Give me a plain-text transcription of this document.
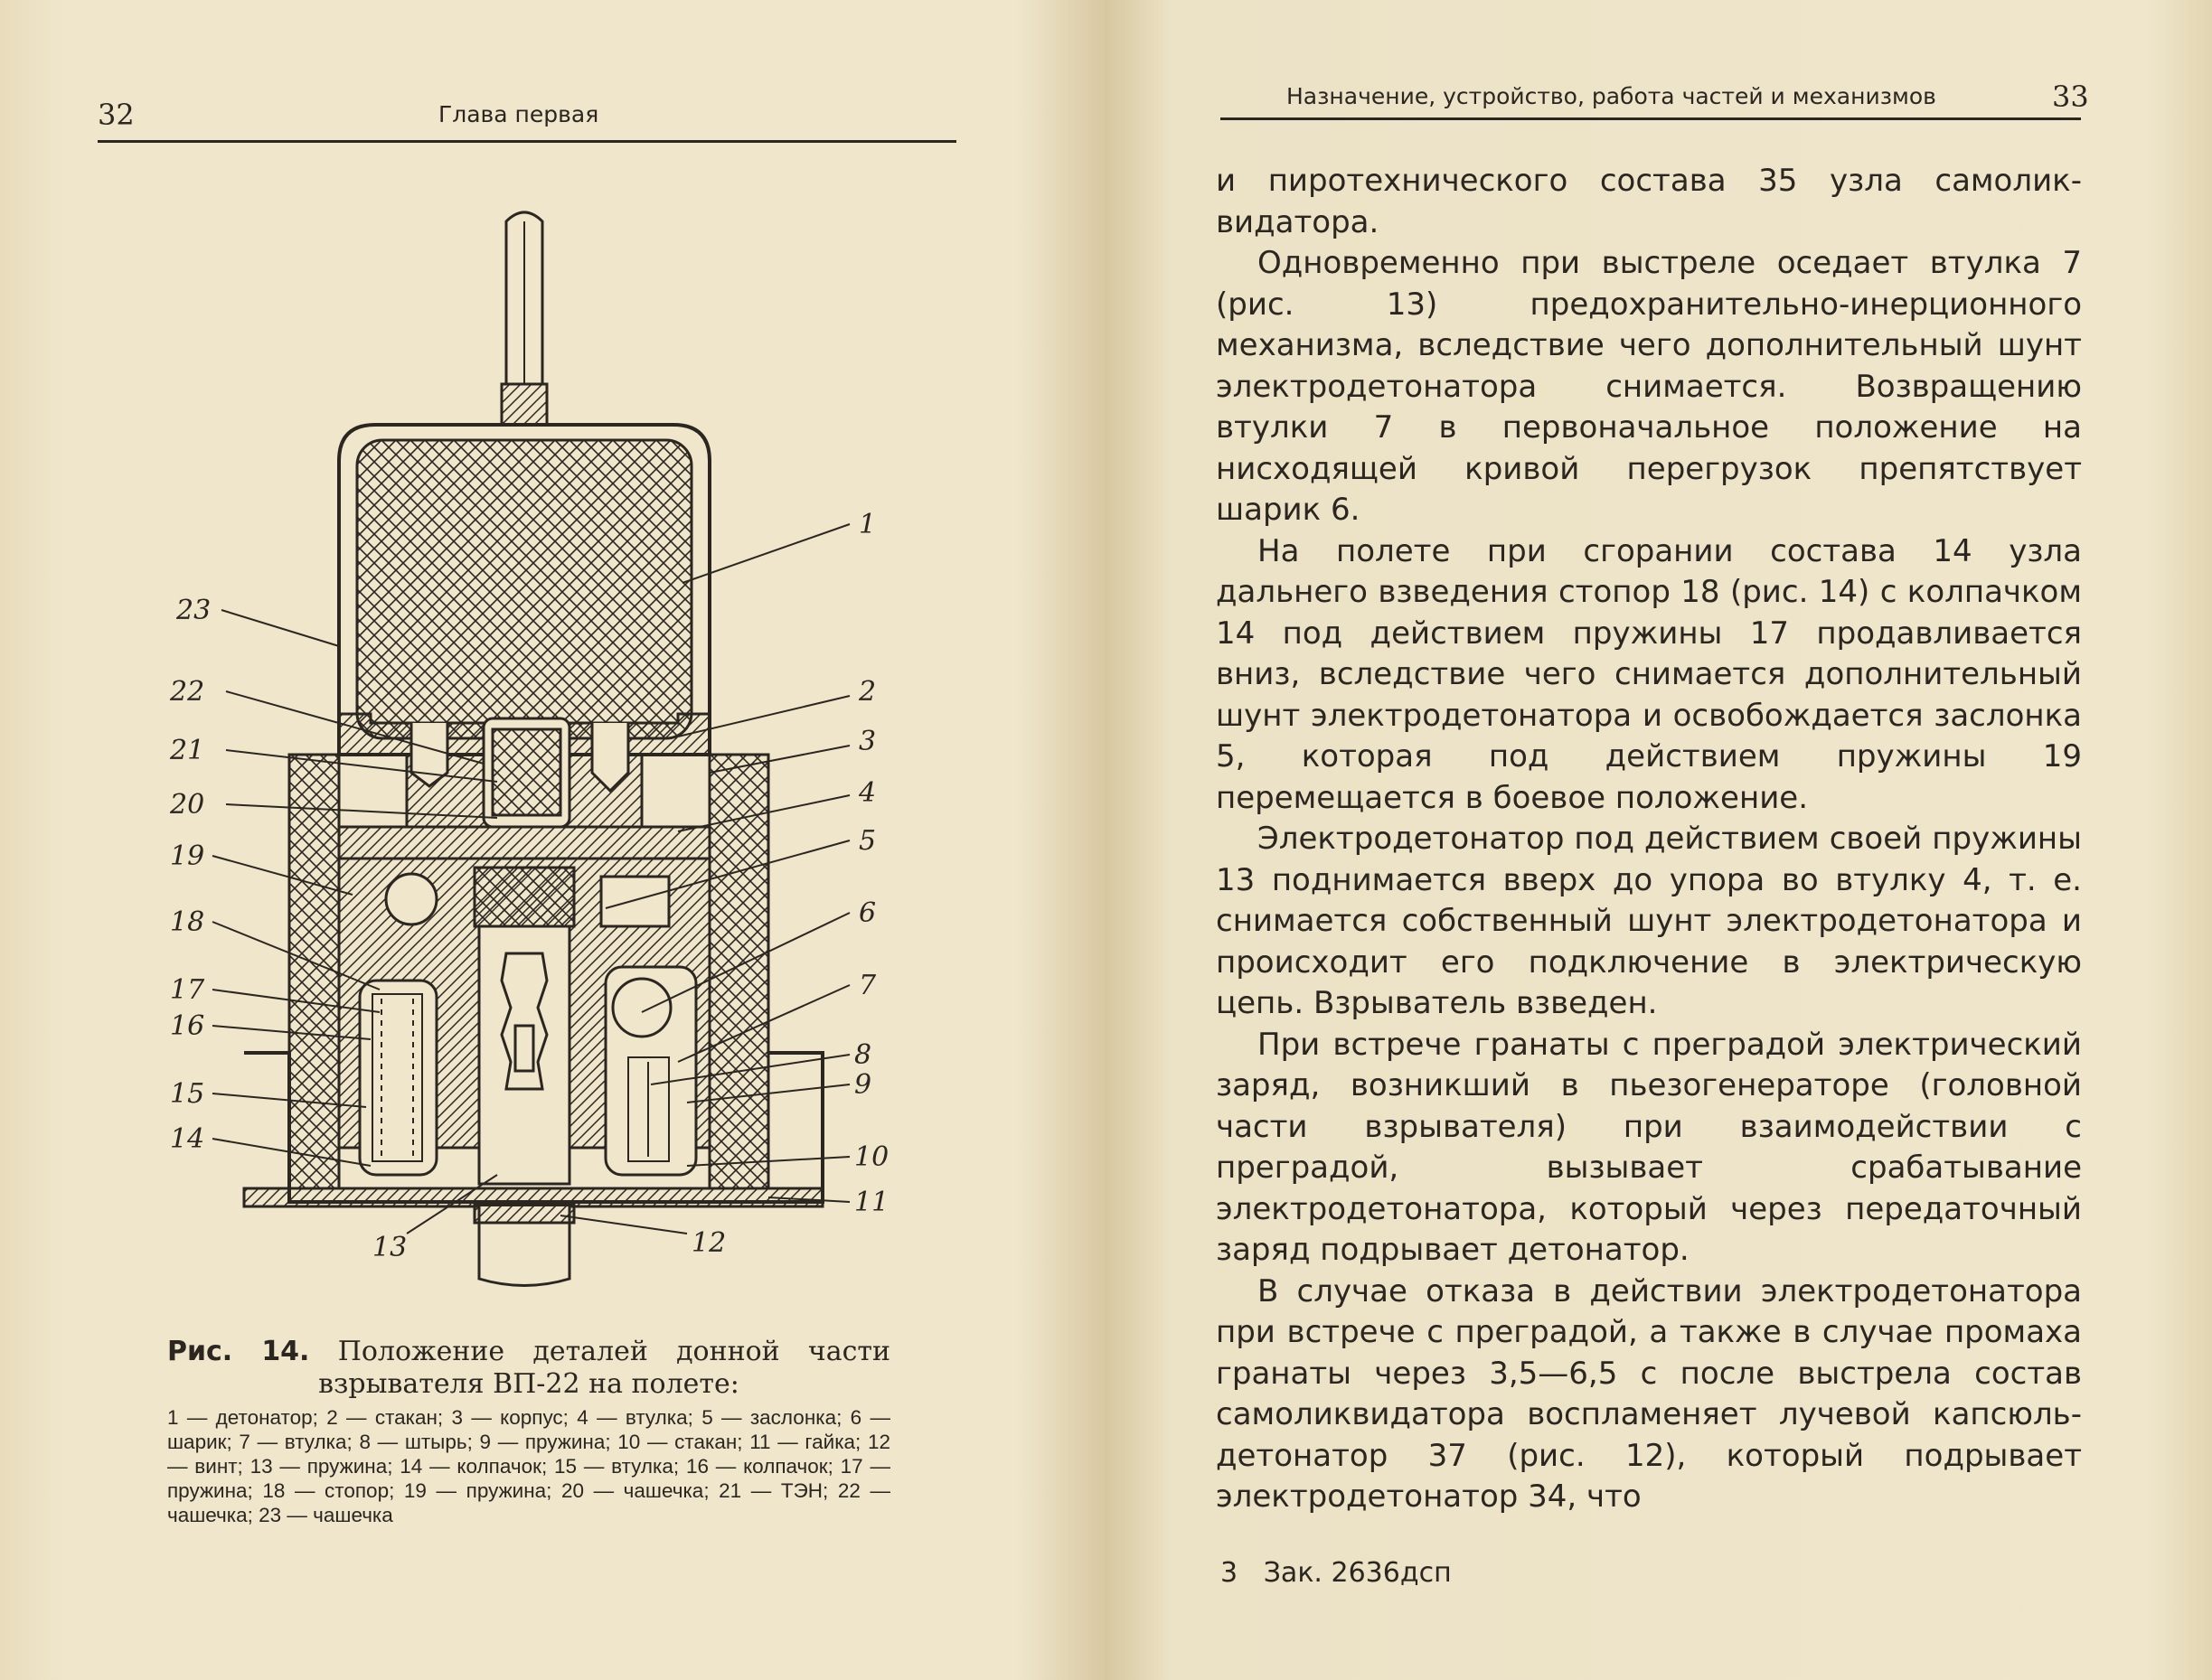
32	Глава первая
1
2
3
4
5
6
7
8
9
10
11
12
13
14
15
16
17
18
19
20
21
22
23
Рис. 14. Положение деталей донной части взрывателя ВП-22 на полете:
1 — детонатор; 2 — стакан; 3 — корпус; 4 — втулка; 5 — заслонка; 6 — шарик; 7 — втулка; 8 — штырь; 9 — пружина; 10 — стакан; 11 — гайка; 12 — винт; 13 — пружина; 14 — колпачок; 15 — втулка; 16 — колпачок; 17 — пружина; 18 — стопор; 19 — пружина; 20 — чашечка; 21 — ТЭН; 22 — чашечка; 23 — чашечка
Назначение, устройство, работа частей и механизмов	33

и пиротехнического состава 35 узла самоликвидатора.

Одновременно при выстреле оседает втулка 7 (рис. 13) предохранительно-инерционного механизма, вследствие чего дополнительный шунт электродетонатора снимается. Возвращению втулки 7 в первоначальное положение на нисходящей кривой перегрузок препятствует шарик 6.

На полете при сгорании состава 14 узла дальнего взведения стопор 18 (рис. 14) с колпачком 14 под действием пружины 17 продавливается вниз, вследствие чего снимается дополнительный шунт электродетонатора и освобождается заслонка 5, которая под действием пружины 19 перемещается в боевое положение.

Электродетонатор под действием своей пружины 13 поднимается вверх до упора во втулку 4, т. е. снимается собственный шунт электродетонатора и происходит его подключение в электрическую цепь. Взрыватель взведен.

При встрече гранаты с преградой электрический заряд, возникший в пьезогенераторе (головной части взрывателя) при взаимодействии с преградой, вызывает срабатывание электродетонатора, который через передаточный заряд подрывает детонатор.

В случае отказа в действии электродетонатора при встрече с преградой, а также в случае промаха гранаты через 3,5—6,5 с после выстрела состав самоликвидатора воспламеняет лучевой капсюль-детонатор 37 (рис. 12), который подрывает электродетонатор 34, что

3   Зак. 2636дсп
